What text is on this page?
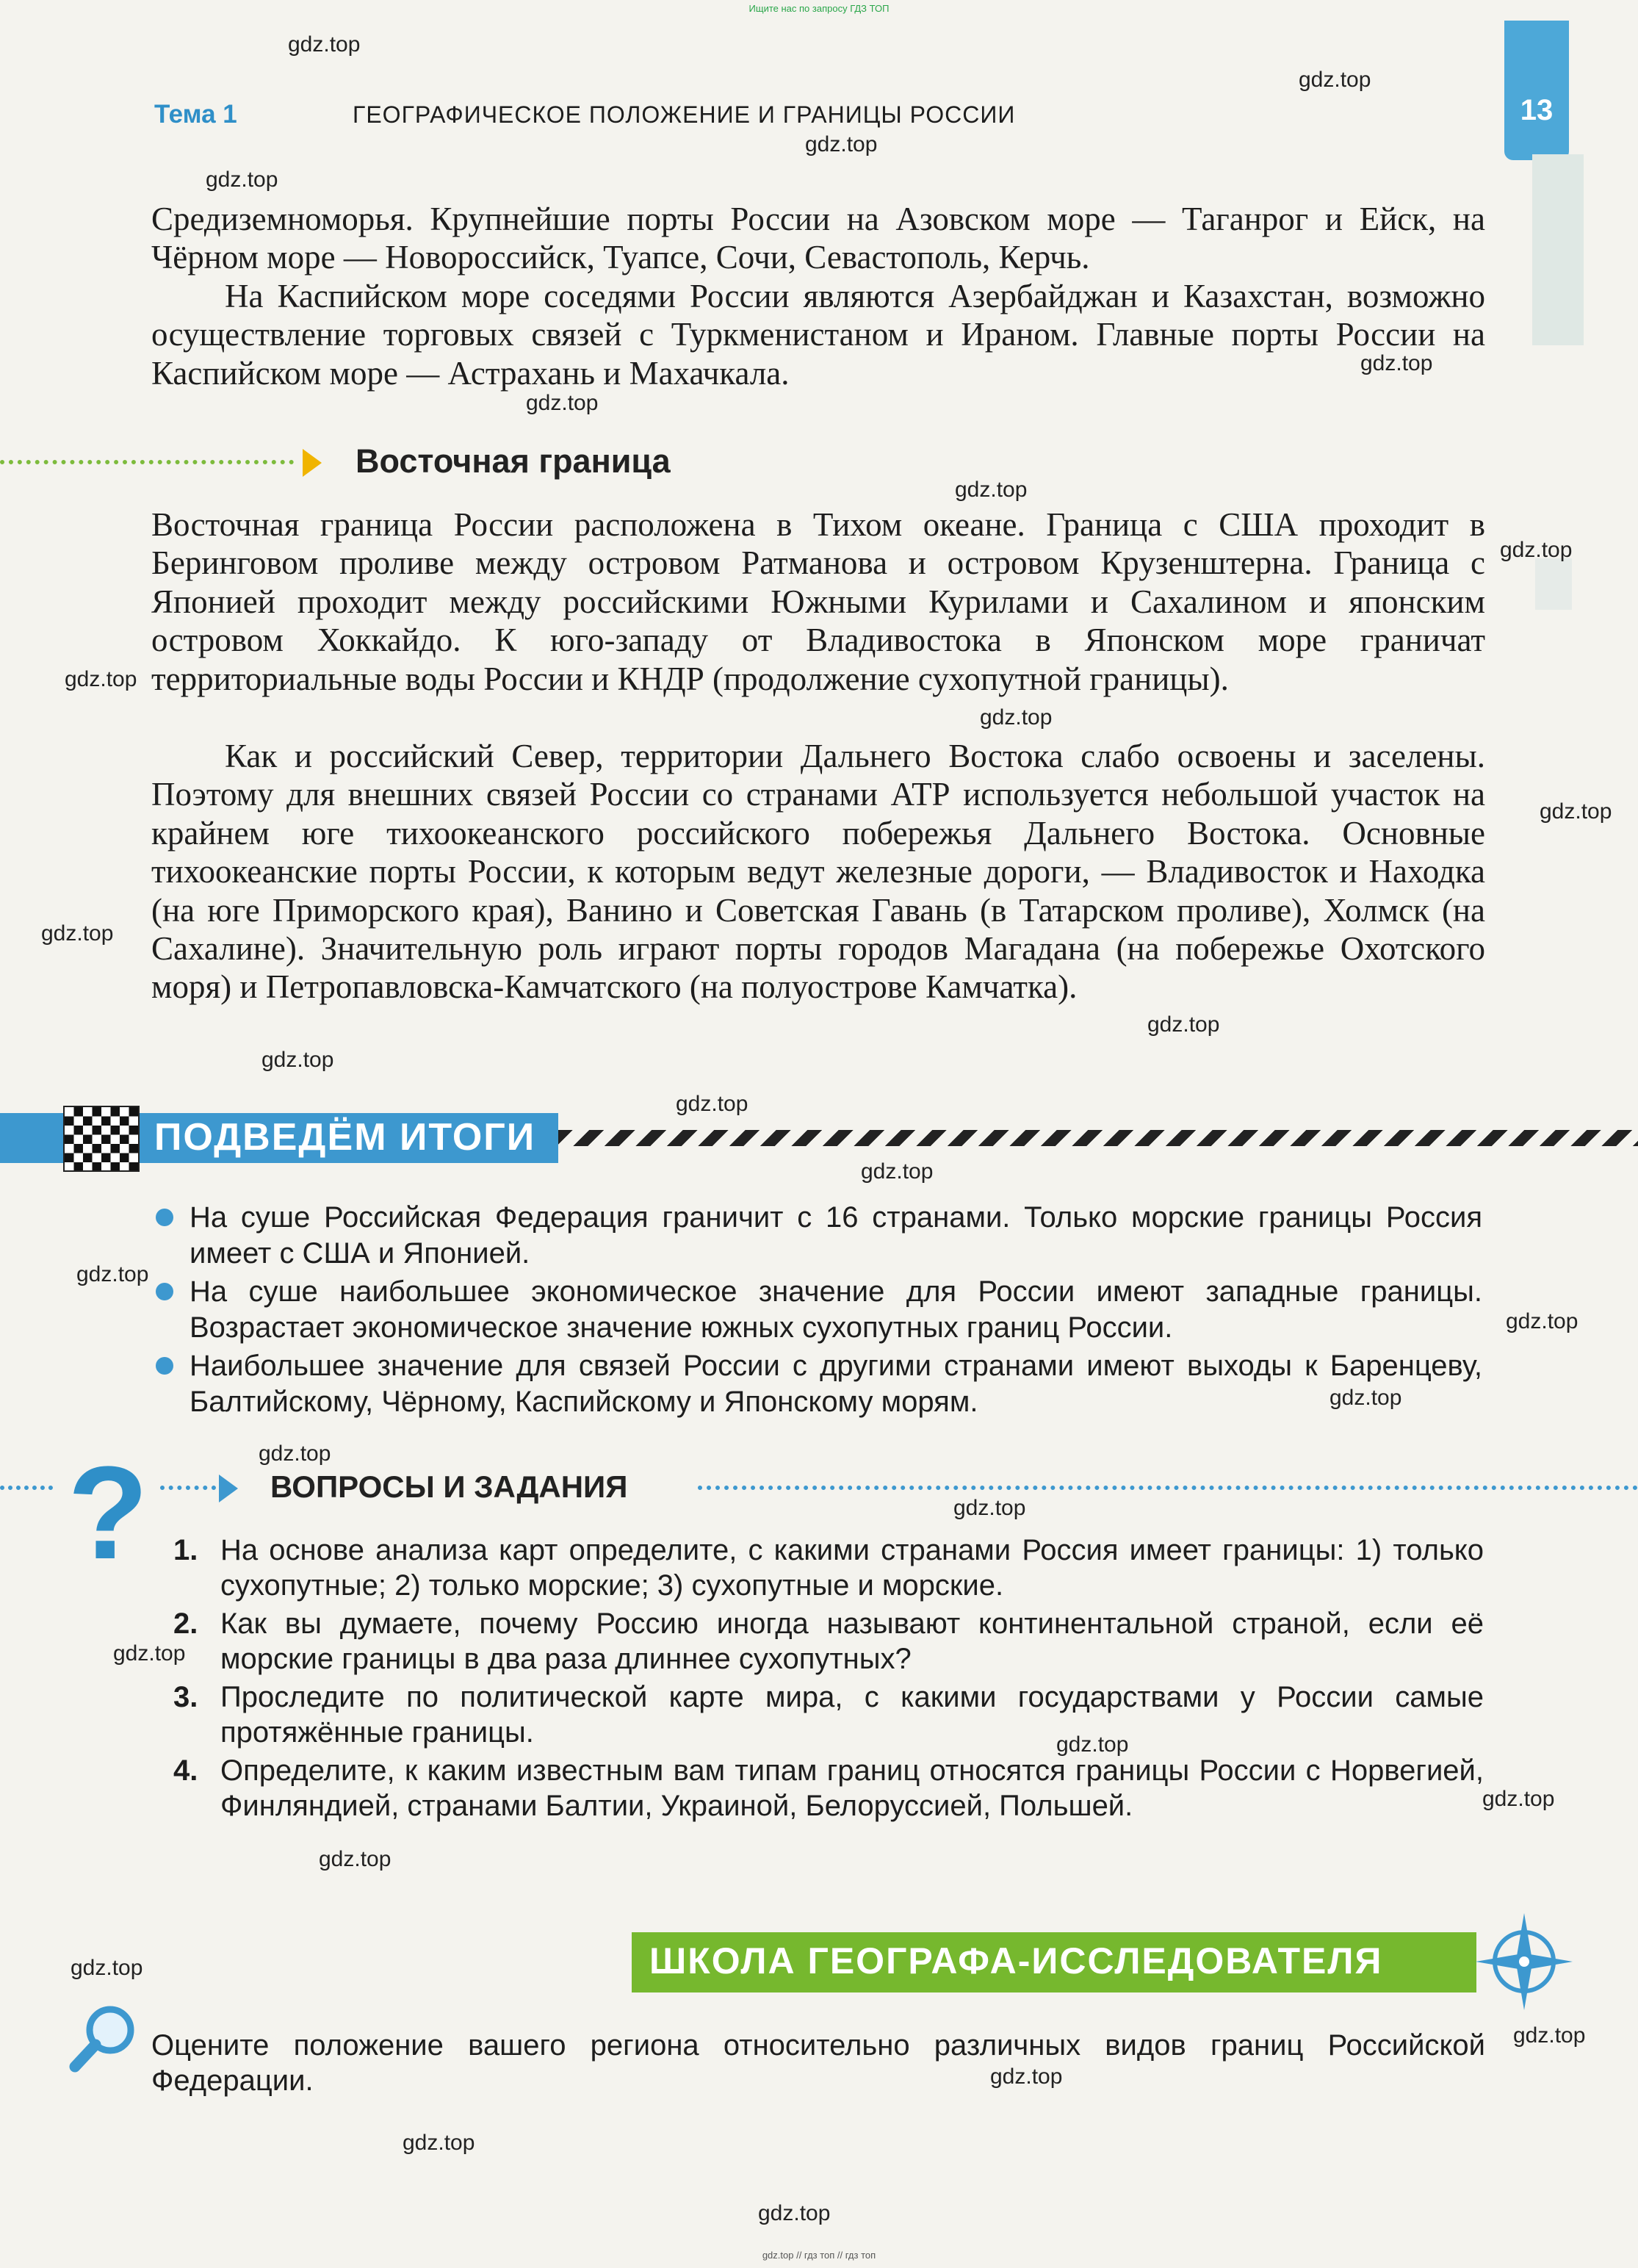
Ищите нас по запросу ГДЗ ТОП
13
Тема 1	ГЕОГРАФИЧЕСКОЕ ПОЛОЖЕНИЕ И ГРАНИЦЫ РОССИИ
Средиземноморья. Крупнейшие порты России на Азовском море — Таганрог и Ейск, на Чёрном море — Новороссийск, Туапсе, Сочи, Севастополь, Керчь.
На Каспийском море соседями России являются Азербайджан и Казахстан, возможно осуществление торговых связей с Туркменистаном и Ираном. Главные порты России на Каспийском море — Астрахань и Махачкала.
Восточная граница
Восточная граница России расположена в Тихом океане. Граница с США проходит в Беринговом проливе между островом Ратманова и островом Крузенштерна. Граница с Японией проходит между российскими Южными Курилами и Сахалином и японским островом Хоккайдо. К юго-западу от Владивостока в Японском море граничат территориальные воды России и КНДР (продолжение сухопутной границы).
Как и российский Север, территории Дальнего Востока слабо освоены и заселены. Поэтому для внешних связей России со странами АТР используется небольшой участок на крайнем юге тихоокеанского российского побережья Дальнего Востока. Основные тихоокеанские порты России, к которым ведут железные дороги, — Владивосток и Находка (на юге Приморского края), Ванино и Советская Гавань (в Татарском проливе), Холмск (на Сахалине). Значительную роль играют порты городов Магадана (на побережье Охотского моря) и Петропавловска-Камчатского (на полуострове Камчатка).
ПОДВЕДЁМ ИТОГИ
На суше Российская Федерация граничит с 16 странами. Только морские границы Россия имеет с США и Японией.
На суше наибольшее экономическое значение для России имеют западные границы. Возрастает экономическое значение южных сухопутных границ России.
Наибольшее значение для связей России с другими странами имеют выходы к Баренцеву, Балтийскому, Чёрному, Каспийскому и Японскому морям.
?	ВОПРОСЫ И ЗАДАНИЯ
1. На основе анализа карт определите, с какими странами Россия имеет границы: 1) только сухопутные; 2) только морские; 3) сухопутные и морские.
2. Как вы думаете, почему Россию иногда называют континентальной страной, если её морские границы в два раза длиннее сухопутных?
3. Проследите по политической карте мира, с какими государствами у России самые протяжённые границы.
4. Определите, к каким известным вам типам границ относятся границы России с Норвегией, Финляндией, странами Балтии, Украиной, Белоруссией, Польшей.
ШКОЛА ГЕОГРАФА-ИССЛЕДОВАТЕЛЯ
Оцените положение вашего региона относительно различных видов границ Российской Федерации.
gdz.top
gdz.top
gdz.top
gdz.top
gdz.top
gdz.top
gdz.top
gdz.top
gdz.top
gdz.top
gdz.top
gdz.top
gdz.top
gdz.top
gdz.top
gdz.top
gdz.top
gdz.top
gdz.top
gdz.top
gdz.top
gdz.top
gdz.top
gdz.top
gdz.top
gdz.top
gdz.top
gdz.top
gdz.top
gdz.top
gdz.top // гдз топ // гдз топ
